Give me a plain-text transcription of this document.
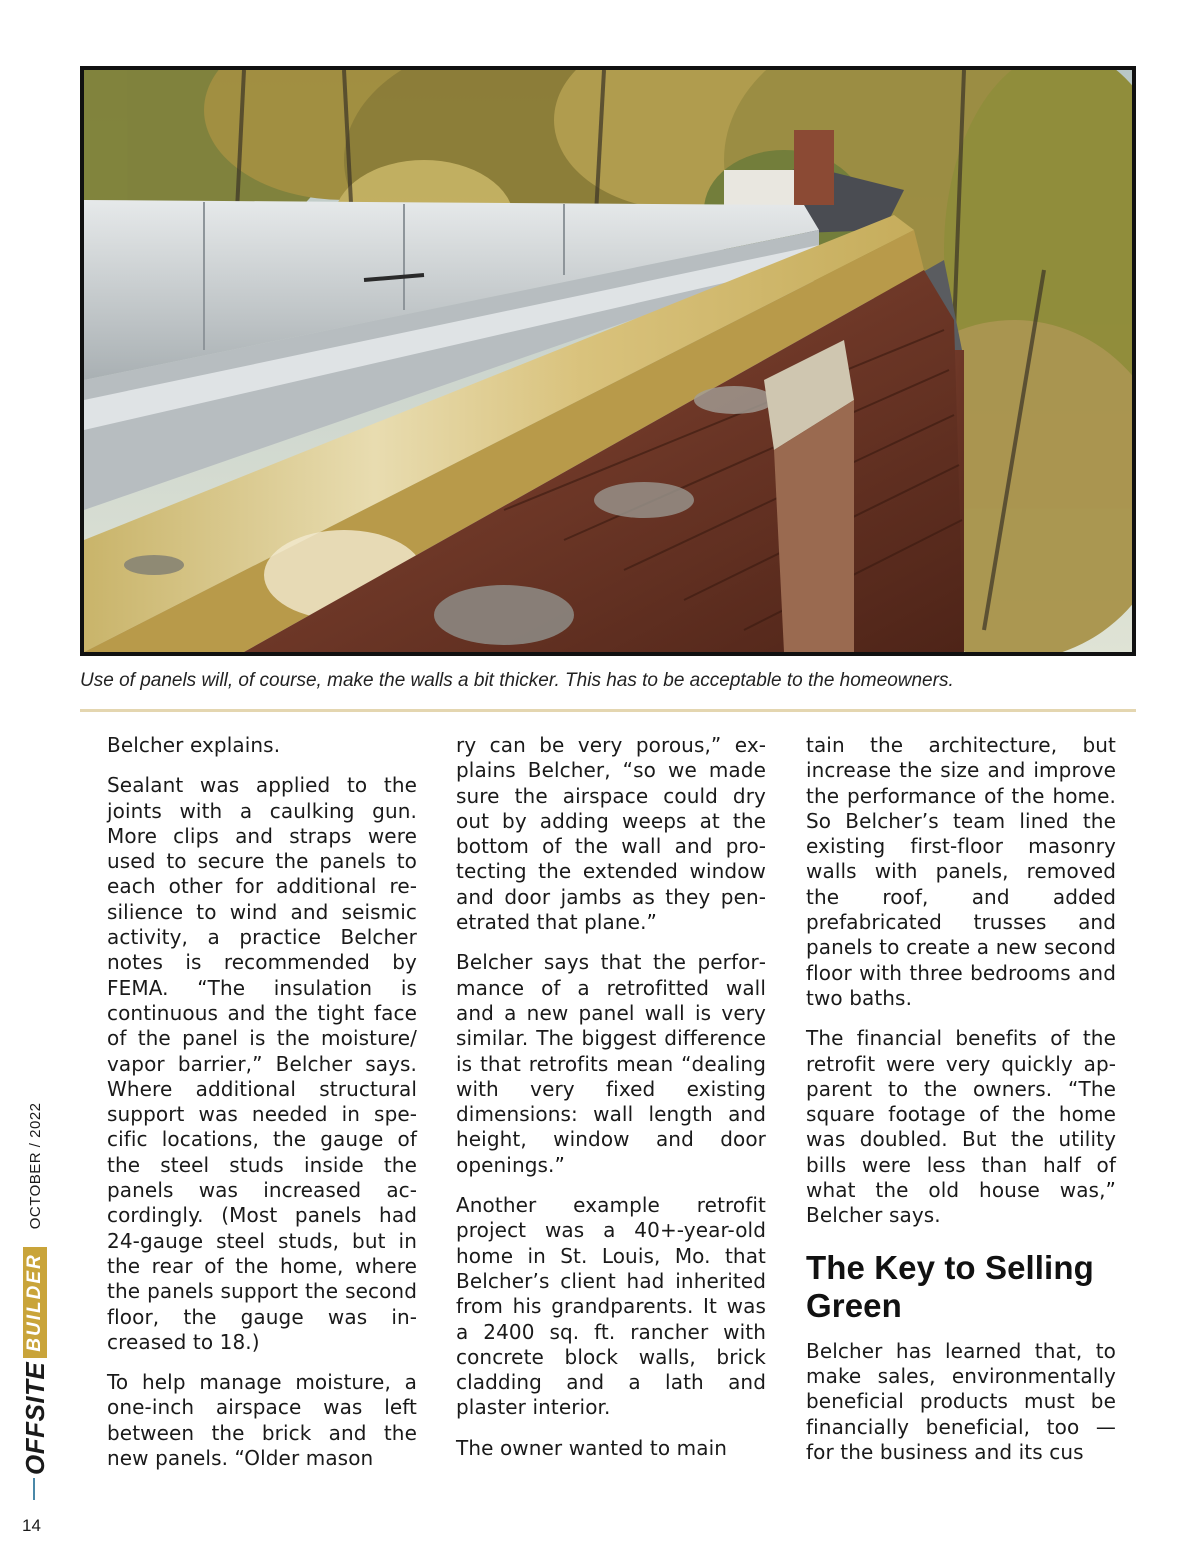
Use of panels will, of course, make the walls a bit thicker. This has to be acceptable to the homeowners.

Belcher explains.

Sealant was applied to the joints with a caulking gun. More clips and straps were used to secure the panels to each other for additional resilience to wind and seismic activity, a practice Belcher notes is recommended by FEMA. “The insulation is continuous and the tight face of the panel is the moisture/ vapor barrier,” Belcher says. Where additional structural support was needed in specific locations, the gauge of the steel studs inside the panels was increased accordingly. (Most panels had 24-gauge steel studs, but in the rear of the home, where the panels support the second floor, the gauge was increased to 18.)

To help manage moisture, a one-inch airspace was left between the brick and the new panels. “Older mason

ry can be very porous,” explains Belcher, “so we made sure the airspace could dry out by adding weeps at the bottom of the wall and protecting the extended window and door jambs as they penetrated that plane.”

Belcher says that the performance of a retrofitted wall and a new panel wall is very similar. The biggest difference is that retrofits mean “dealing with very fixed existing dimensions: wall length and height, window and door openings.”

Another example retrofit project was a 40+-year-old home in St. Louis, Mo. that Belcher’s client had inherited from his grandparents. It was a 2400 sq. ft. rancher with concrete block walls, brick cladding and a lath and plaster interior.

The owner wanted to main

tain the architecture, but increase the size and improve the performance of the home. So Belcher’s team lined the existing first-floor masonry walls with panels, removed the roof, and added prefabricated trusses and panels to create a new second floor with three bedrooms and two baths.

The financial benefits of the retrofit were very quickly apparent to the owners. “The square footage of the home was doubled. But the utility bills were less than half of what the old house was,” Belcher says.

The Key to Selling Green

Belcher has learned that, to make sales, environmentally beneficial products must be financially beneficial, too — for the business and its cus

OFFSITE
BUILDER
OCTOBER / 2022
14
